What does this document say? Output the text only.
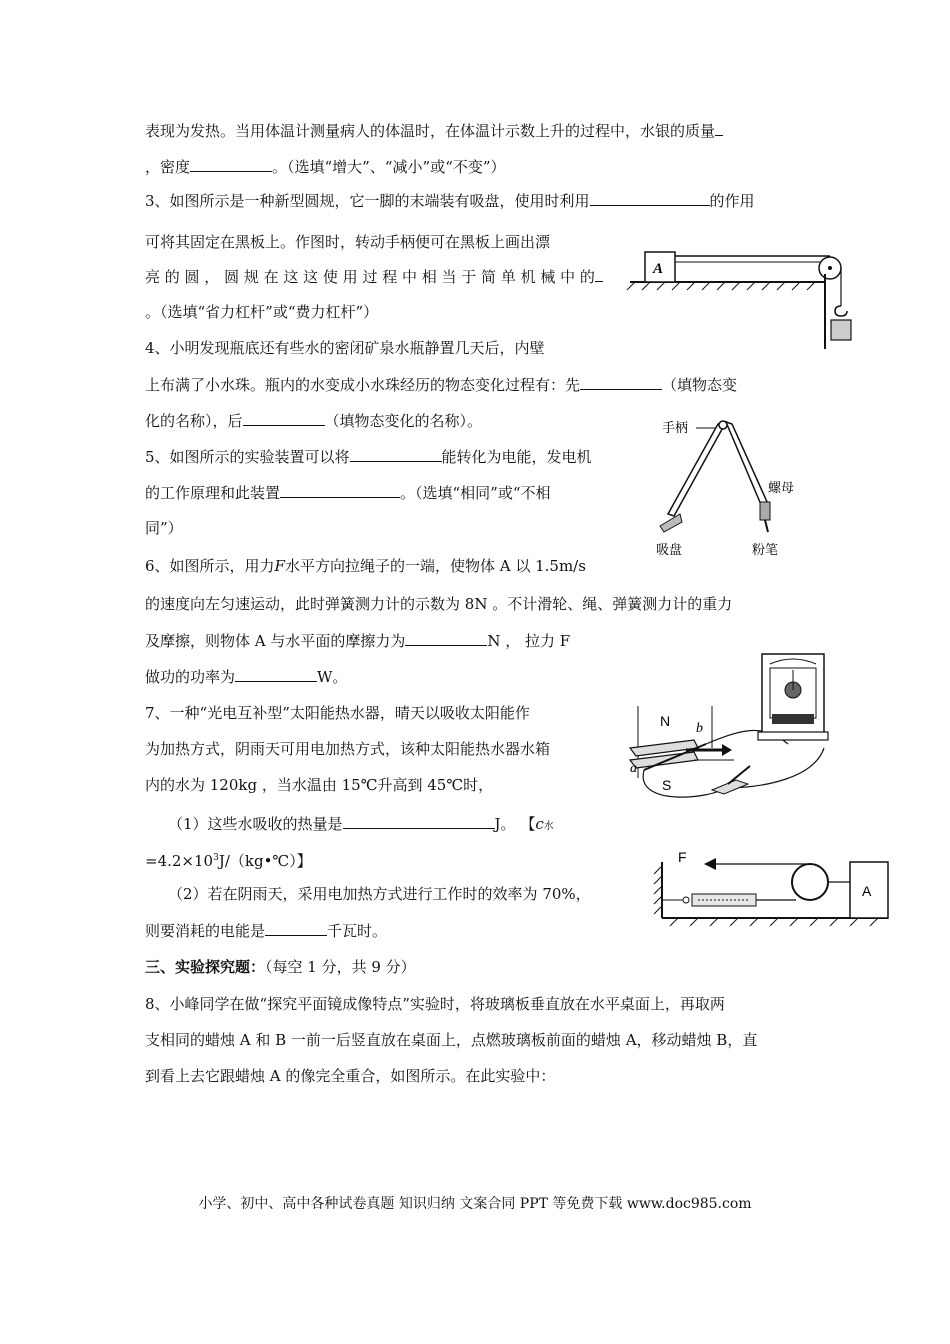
表现为发热。当用体温计测量病人的体温时，在体温计示数上升的过程中，水银的质量
，密度	。（选填“增大”、“减小”或“不变”）
3、如图所示是一种新型圆规，它一脚的末端装有吸盘，使用时利用	的作用
可将其固定在黑板上。作图时，转动手柄便可在黑板上画出漂
亮 的 圆 ， 圆 规 在 这 这 使 用 过 程 中 相 当 于 简 单 机 械 中 的
。（选填“省力杠杆”或“费力杠杆”）
4、小明发现瓶底还有些水的密闭矿泉水瓶静置几天后，内壁
上布满了小水珠。瓶内的水变成小水珠经历的物态变化过程有：先	（填物态变
化的名称），后	（填物态变化的名称）。
5、如图所示的实验装置可以将	能转化为电能，发电机
的工作原理和此装置	。（选填“相同”或“不相
同”）
6、如图所示，用力F水平方向拉绳子的一端，使物体 A 以 1.5m/s
的速度向左匀速运动，此时弹簧测力计的示数为 8N 。不计滑轮、绳、弹簧测力计的重力
及摩擦，则物体 A 与水平面的摩擦力为	N ， 拉力 F
做功的功率为	W。
7、一种“光电互补型”太阳能热水器，晴天以吸收太阳能作
为加热方式，阴雨天可用电加热方式，该种太阳能热水器水箱
内的水为 120kg ，当水温由 15℃升高到 45℃时，
（1）这些水吸收的热量是	J。 【c水
$=4.2\times 10^3J/(kg•℃)$】
（2）若在阴雨天，采用电加热方式进行工作时的效率为 70%，
则要消耗的电能是	千瓦时。
三、实验探究题：（每空 1 分，共 9 分）
8、小峰同学在做“探究平面镜成像特点”实验时，将玻璃板垂直放在水平桌面上，再取两
支相同的蜡烛 A 和 B 一前一后竖直放在桌面上，点燃玻璃板前面的蜡烛 A，移动蜡烛 B，直
到看上去它跟蜡烛 A 的像完全重合，如图所示。在此实验中：
A
手柄
螺母
吸盘	粉笔
N
S
a
b
F
A
小学、初中、高中各种试卷真题 知识归纳 文案合同 PPT 等免费下载 www.doc985.com
